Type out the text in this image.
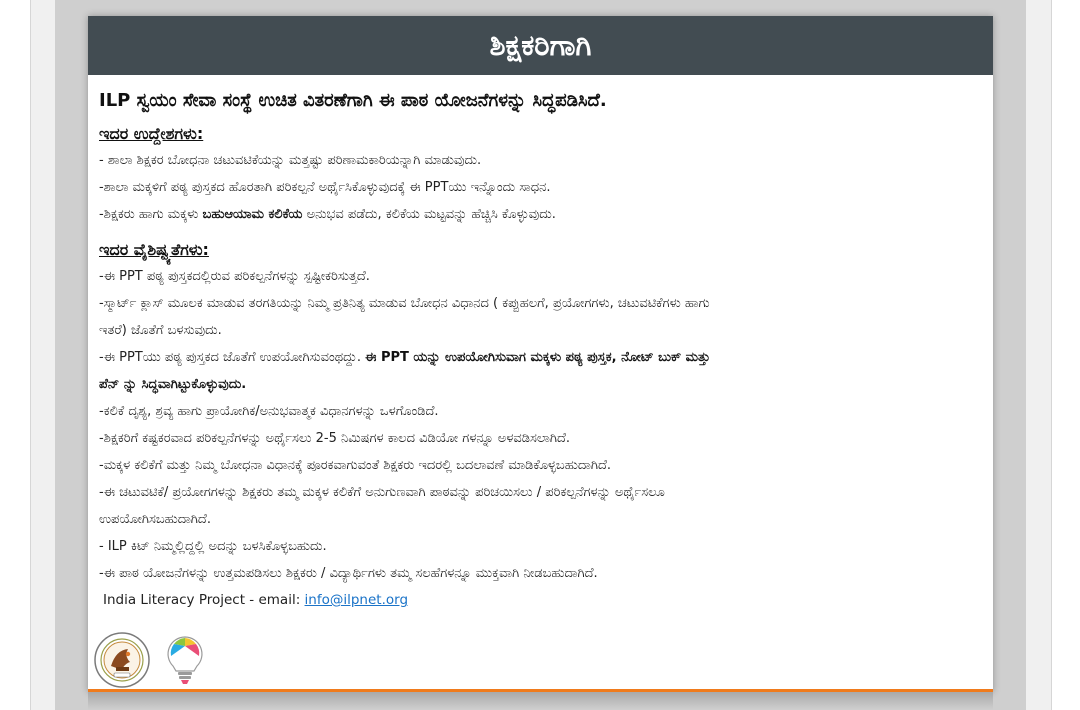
ಶಿಕ್ಷಕರಿಗಾಗಿ

ILP ಸ್ವಯಂ ಸೇವಾ ಸಂಸ್ಥೆ ಉಚಿತ ವಿತರಣೆಗಾಗಿ ಈ ಪಾಠ ಯೋಜನೆಗಳನ್ನು ಸಿದ್ಧಪಡಿಸಿದೆ.

ಇದರ ಉದ್ದೇಶಗಳು:

- ಶಾಲಾ ಶಿಕ್ಷಕರ ಬೋಧನಾ ಚಟುವಟಿಕೆಯನ್ನು ಮತ್ತಷ್ಟು ಪರಿಣಾಮಕಾರಿಯನ್ನಾಗಿ ಮಾಡುವುದು.

-ಶಾಲಾ ಮಕ್ಕಳಿಗೆ ಪಠ್ಯ ಪುಸ್ತಕದ ಹೊರತಾಗಿ ಪರಿಕಲ್ಪನೆ ಅರ್ಥೈಸಿಕೊಳ್ಳುವುದಕ್ಕೆ ಈ PPTಯು ಇನ್ನೊಂದು ಸಾಧನ.

-ಶಿಕ್ಷಕರು ಹಾಗು ಮಕ್ಕಳು ಬಹುಆಯಾಮ ಕಲಿಕೆಯ ಅನುಭವ ಪಡೆದು, ಕಲಿಕೆಯ ಮಟ್ಟವನ್ನು ಹೆಚ್ಚಿಸಿ ಕೊಳ್ಳುವುದು.

ಇದರ ವೈಶಿಷ್ಟ್ಯತೆಗಳು:

-ಈ PPT ಪಠ್ಯ ಪುಸ್ತಕದಲ್ಲಿರುವ ಪರಿಕಲ್ಪನೆಗಳನ್ನು ಸ್ಪಷ್ಟೀಕರಿಸುತ್ತದೆ.

-ಸ್ಮಾರ್ಟ್ ಕ್ಲಾಸ್ ಮೂಲಕ ಮಾಡುವ ತರಗತಿಯನ್ನು ನಿಮ್ಮ ಪ್ರತಿನಿತ್ಯ ಮಾಡುವ ಬೋಧನ ವಿಧಾನದ ( ಕಪ್ಪುಹಲಗೆ, ಪ್ರಯೋಗಗಳು, ಚಟುವಟಿಕೆಗಳು ಹಾಗು

ಇತರೆ) ಜೊತೆಗೆ ಬಳಸುವುದು.

-ಈ PPTಯು ಪಠ್ಯ ಪುಸ್ತಕದ ಜೊತೆಗೆ ಉಪಯೋಗಿಸುವಂಥದ್ದು. ಈ PPT ಯನ್ನು ಉಪಯೋಗಿಸುವಾಗ ಮಕ್ಕಳು ಪಠ್ಯ ಪುಸ್ತಕ, ನೋಟ್ ಬುಕ್ ಮತ್ತು

ಪೆನ್ ನ್ನು ಸಿದ್ಧವಾಗಿಟ್ಟುಕೊಳ್ಳುವುದು.

-ಕಲಿಕೆ ದೃಶ್ಯ, ಶ್ರವ್ಯ ಹಾಗು ಪ್ರಾಯೋಗಿಕ/ಅನುಭವಾತ್ಮಕ ವಿಧಾನಗಳನ್ನು ಒಳಗೊಂಡಿದೆ.

-ಶಿಕ್ಷಕರಿಗೆ ಕಷ್ಟಕರವಾದ ಪರಿಕಲ್ಪನೆಗಳನ್ನು ಅರ್ಥೈಸಲು 2-5 ನಿಮಿಷಗಳ ಕಾಲದ ವಿಡಿಯೋ ಗಳನ್ನೂ ಅಳವಡಿಸಲಾಗಿದೆ.

-ಮಕ್ಕಳ ಕಲಿಕೆಗೆ ಮತ್ತು ನಿಮ್ಮ ಬೋಧನಾ ವಿಧಾನಕ್ಕೆ ಪೂರಕವಾಗುವಂತೆ ಶಿಕ್ಷಕರು ಇದರಲ್ಲಿ ಬದಲಾವಣೆ ಮಾಡಿಕೊಳ್ಳಬಹುದಾಗಿದೆ.

-ಈ ಚಟುವಟಿಕೆ/ ಪ್ರಯೋಗಗಳನ್ನು ಶಿಕ್ಷಕರು ತಮ್ಮ ಮಕ್ಕಳ ಕಲಿಕೆಗೆ ಅನುಗುಣವಾಗಿ ಪಾಠವನ್ನು ಪರಿಚಯಿಸಲು / ಪರಿಕಲ್ಪನೆಗಳನ್ನು ಅರ್ಥೈಸಲೂ

ಉಪಯೋಗಿಸಬಹುದಾಗಿದೆ.

- ILP ಕಿಟ್ ನಿಮ್ಮಲ್ಲಿದ್ದಲ್ಲಿ ಅದನ್ನು ಬಳಸಿಕೊಳ್ಳಬಹುದು.

-ಈ ಪಾಠ ಯೋಜನೆಗಳನ್ನು ಉತ್ತಮಪಡಿಸಲು ಶಿಕ್ಷಕರು / ವಿದ್ಯಾರ್ಥಿಗಳು ತಮ್ಮ ಸಲಹೆಗಳನ್ನೂ ಮುಕ್ತವಾಗಿ ನೀಡಬಹುದಾಗಿದೆ.

India Literacy Project - email: info@ilpnet.org
